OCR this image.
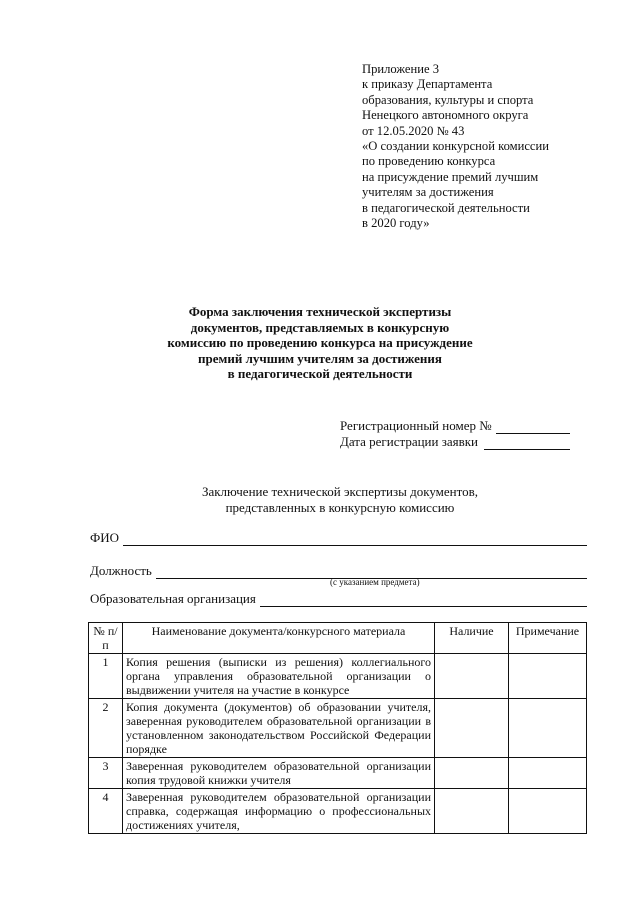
Приложение 3
к приказу Департамента
образования, культуры и спорта
Ненецкого автономного округа
от 12.05.2020 № 43
«О создании конкурсной комиссии
по проведению конкурса
на присуждение премий лучшим
учителям за достижения
в педагогической деятельности
в 2020 году»
Форма заключения технической экспертизы
документов, представляемых в конкурсную
комиссию по проведению конкурса на присуждение
премий лучшим учителям за достижения
в педагогической деятельности
Регистрационный номер №
Дата регистрации заявки
Заключение технической экспертизы документов,
представленных в конкурсную комиссию
ФИО
Должность
(с указанием предмета)
Образовательная организация
№ п/п	Наименование документа/конкурсного материала	Наличие	Примечание
1	Копия решения (выписки из решения) коллегиального органа управления образовательной организации о выдвижении учителя на участие в конкурсе		
2	Копия документа (документов) об образовании учителя, заверенная руководителем образовательной организации в установленном законодательством Российской Федерации порядке		
3	Заверенная руководителем образовательной организации копия трудовой книжки учителя		
4	Заверенная руководителем образовательной организации справка, содержащая информацию о профессиональных достижениях учителя,		
